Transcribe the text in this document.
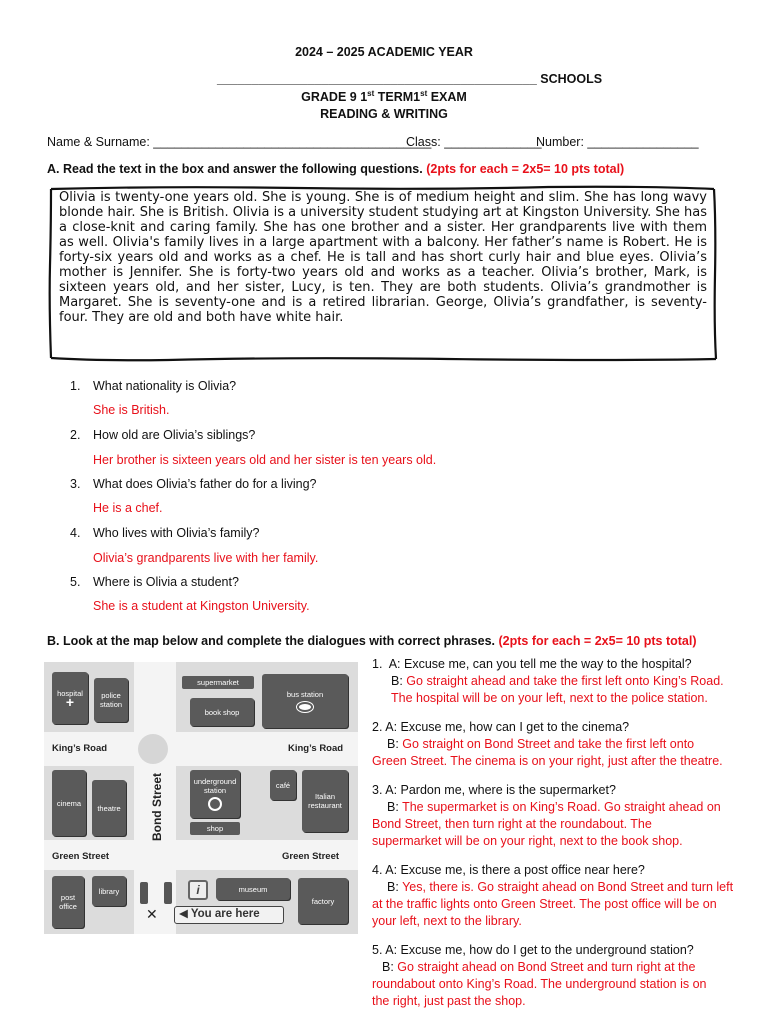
2024 – 2025 ACADEMIC YEAR
______________________________________________ SCHOOLS
GRADE 9 1st TERM1st EXAM
READING & WRITING
Name & Surname: ________________________________________
Class: ______________
Number: ________________
A. Read the text in the box and answer the following questions. (2pts for each = 2x5= 10 pts total)
Olivia is twenty-one years old. She is young. She is of medium height and slim. She has long wavy blonde hair. She is British. Olivia is a university student studying art at Kingston University. She has a close-knit and caring family. She has one brother and a sister. Her grandparents live with them as well. Olivia's family lives in a large apartment with a balcony. Her father’s name is Robert. He is forty-six years old and works as a chef. He is tall and has short curly hair and blue eyes. Olivia’s mother is Jennifer. She is forty-two years old and works as a teacher. Olivia’s brother, Mark, is sixteen years old, and her sister, Lucy, is ten. They are both students. Olivia’s grandmother is Margaret. She is seventy-one and is a retired librarian. George, Olivia’s grandfather, is seventy-four. They are old and both have white hair.
1.	What nationality is Olivia?
She is British.
2.	How old are Olivia’s siblings?
Her brother is sixteen years old and her sister is ten years old.
3.	What does Olivia’s father do for a living?
He is a chef.
4.	Who lives with Olivia’s family?
Olivia’s grandparents live with her family.
5.	Where is Olivia a student?
She is a student at Kingston University.
B. Look at the map below and complete the dialogues with correct phrases. (2pts for each = 2x5= 10 pts total)
hospital
+	police station
supermarket
book shop
bus station
King’s Road	King’s Road
cinema
theatre
underground station
shop
café
Italian restaurant
Green Street	Green Street
Bond Street
post office
library	i	museum
factory
✕	◀ You are here
1. A: Excuse me, can you tell me the way to the hospital?
B: Go straight ahead and take the first left onto King’s Road.
The hospital will be on your left, next to the police station.
2. A: Excuse me, how can I get to the cinema?
B: Go straight on Bond Street and take the first left onto
Green Street. The cinema is on your right, just after the theatre.
3. A: Pardon me, where is the supermarket?
B: The supermarket is on King’s Road. Go straight ahead on
Bond Street, then turn right at the roundabout. The
supermarket will be on your right, next to the book shop.
4. A: Excuse me, is there a post office near here?
B: Yes, there is. Go straight ahead on Bond Street and turn left
at the traffic lights onto Green Street. The post office will be on
your left, next to the library.
5. A: Excuse me, how do I get to the underground station?
B: Go straight ahead on Bond Street and turn right at the
roundabout onto King’s Road. The underground station is on
the right, just past the shop.
